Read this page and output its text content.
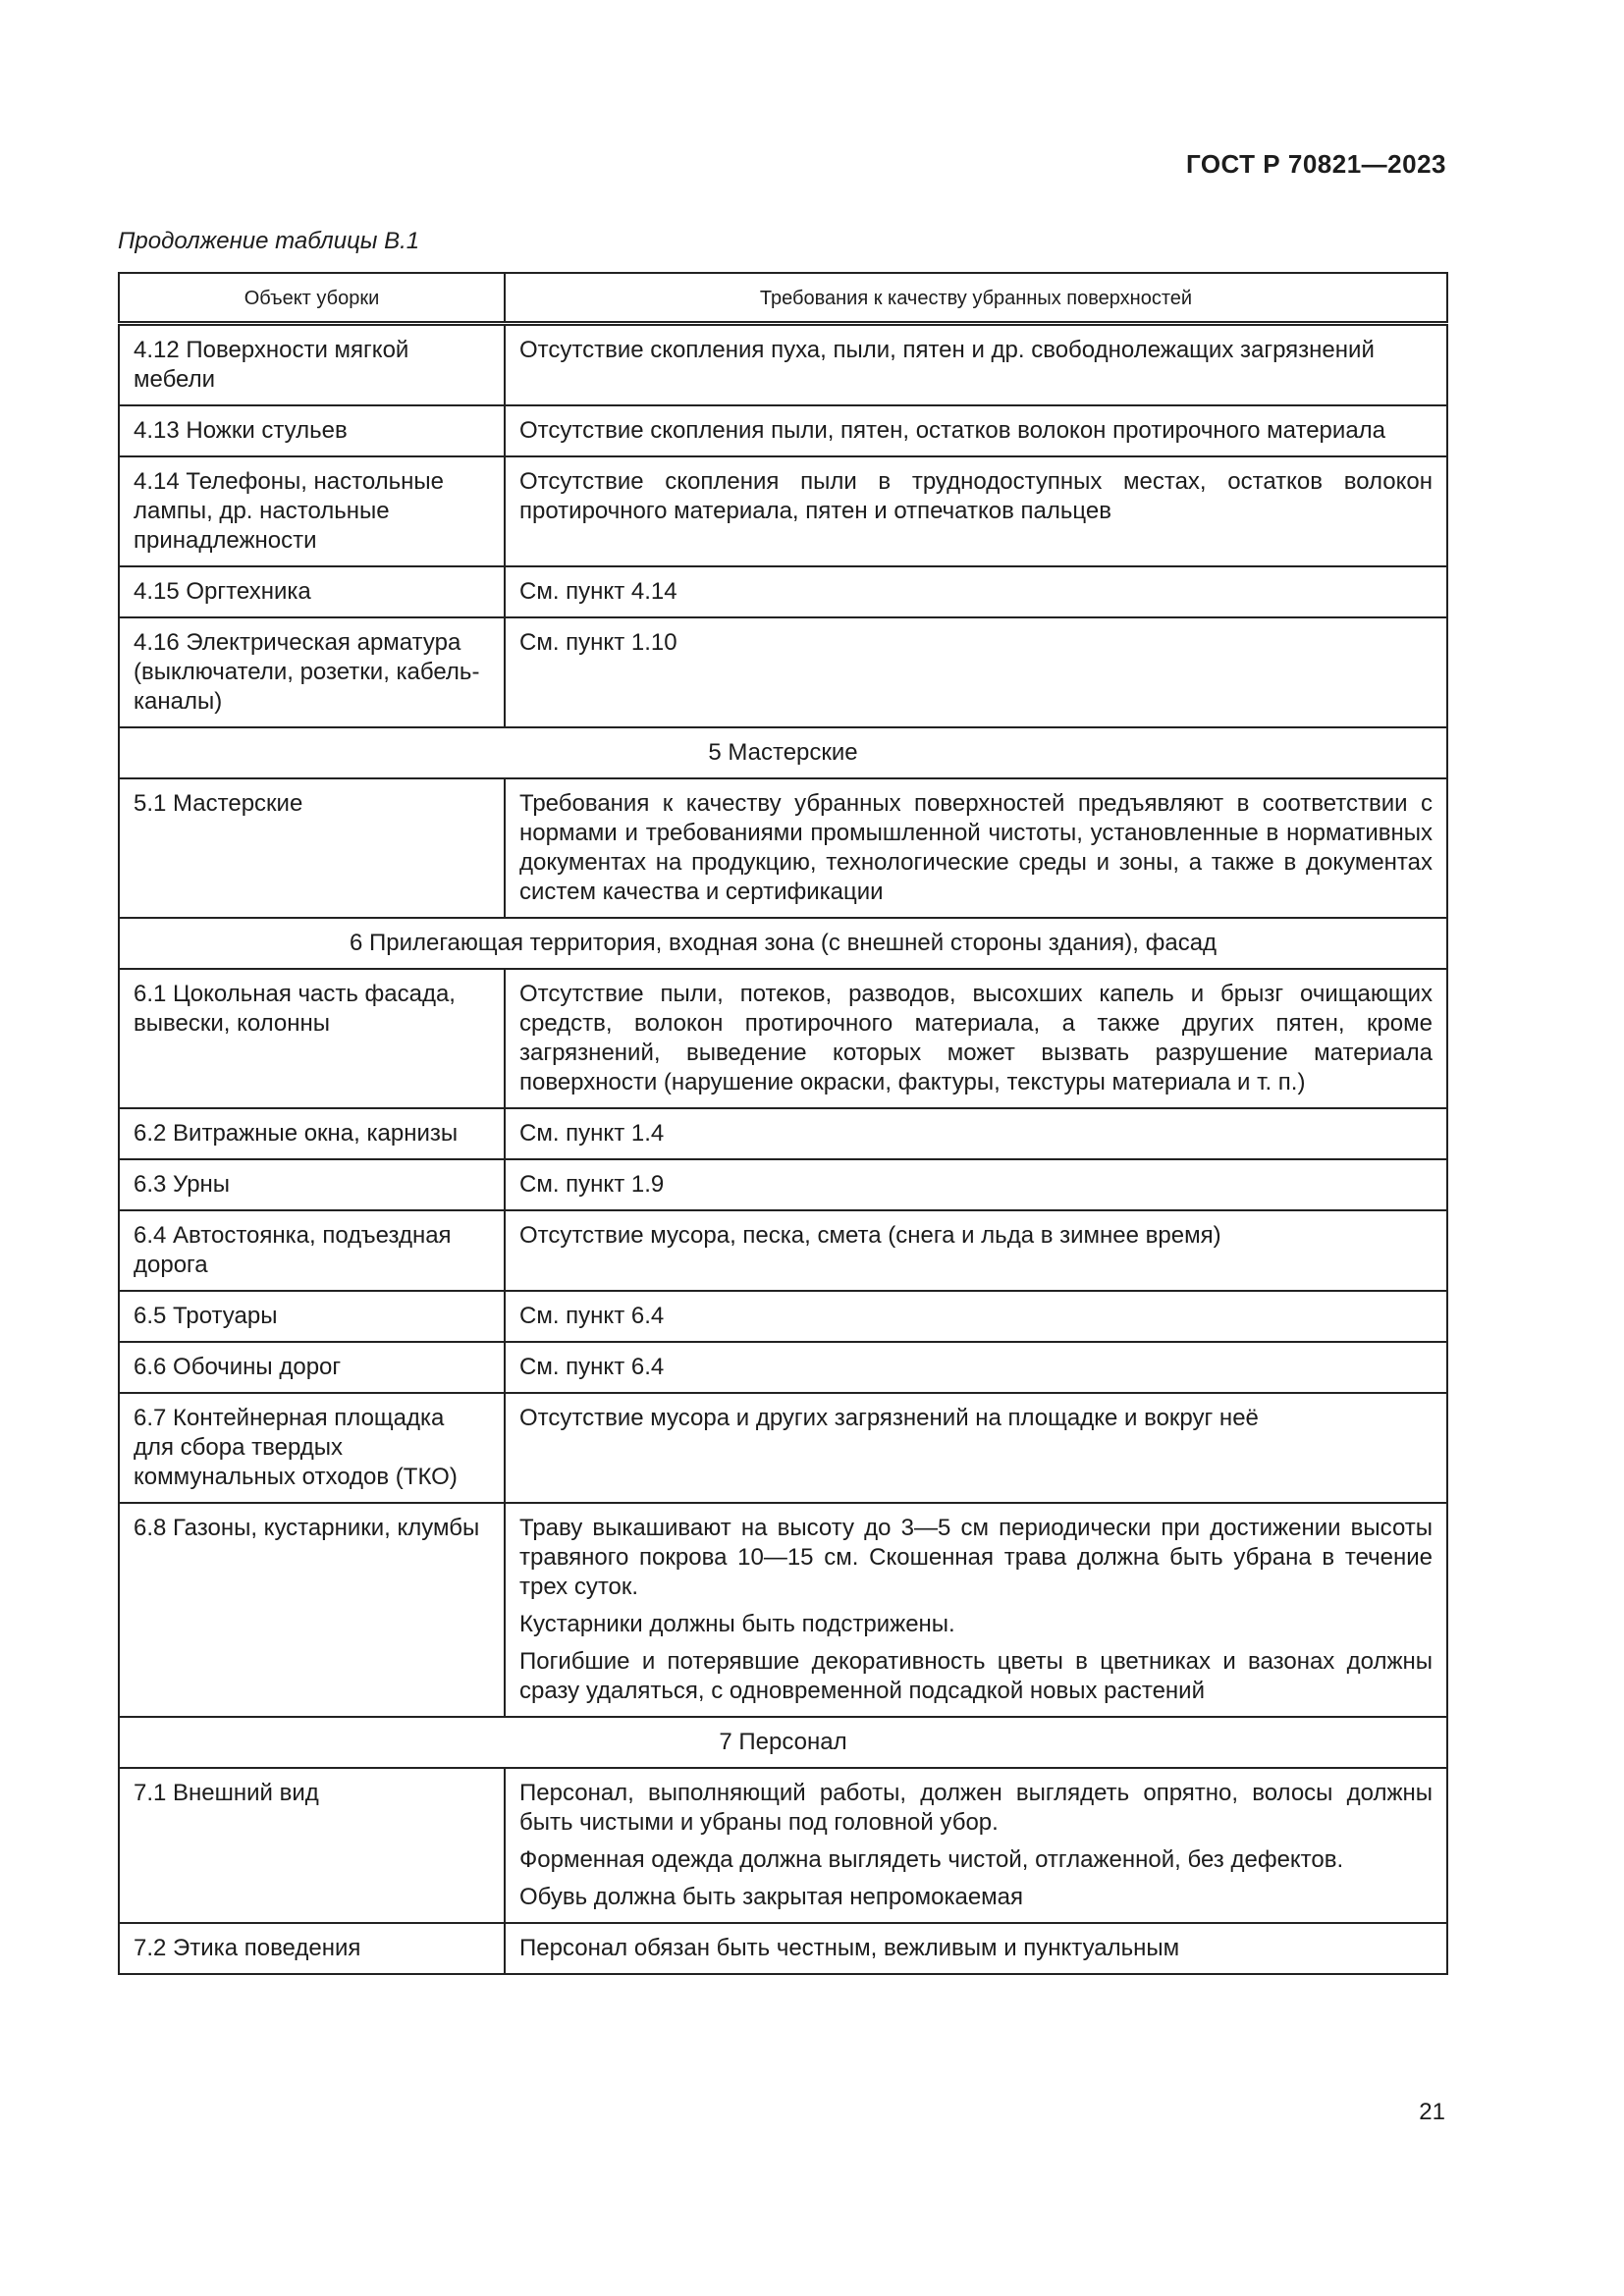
ГОСТ Р 70821—2023
Продолжение таблицы В.1
Объект уборки	Требования к качеству убранных поверхностей
4.12 Поверхности мягкой мебели	Отсутствие скопления пуха, пыли, пятен и др. свободнолежащих загрязнений

4.13 Ножки стульев	Отсутствие скопления пыли, пятен, остатков волокон протирочного материала

4.14 Телефоны, настольные лампы, др. настольные принадлежности	Отсутствие скопления пыли в труднодоступных местах, остатков волокон протирочного материала, пятен и отпечатков пальцев

4.15 Оргтехника	См. пункт 4.14

4.16 Электрическая арматура (выключатели, розетки, кабель-каналы)	См. пункт 1.10

5 Мастерские	
5.1 Мастерские	Требования к качеству убранных поверхностей предъявляют в соответствии с нормами и требованиями промышленной чистоты, установленные в нормативных документах на продукцию, технологические среды и зоны, а также в документах систем качества и сертификации

6 Прилегающая территория, входная зона (с внешней стороны здания), фасад	
6.1 Цокольная часть фасада, вывески, колонны	Отсутствие пыли, потеков, разводов, высохших капель и брызг очищающих средств, волокон протирочного материала, а также других пятен, кроме загрязнений, выведение которых может вызвать разрушение материала поверхности (нарушение окраски, фактуры, текстуры материала и т. п.)

6.2 Витражные окна, карнизы	См. пункт 1.4

6.3 Урны	См. пункт 1.9

6.4 Автостоянка, подъездная дорога	Отсутствие мусора, песка, смета (снега и льда в зимнее время)

6.5 Тротуары	См. пункт 6.4

6.6 Обочины дорог	См. пункт 6.4

6.7 Контейнерная площадка для сбора твердых коммунальных отходов (ТКО)	Отсутствие мусора и других загрязнений на площадке и вокруг неё

6.8 Газоны, кустарники, клумбы	Траву выкашивают на высоту до 3—5 см периодически при достижении высоты травяного покрова 10—15 см. Скошенная трава должна быть убрана в течение трех суток.

Кустарники должны быть подстрижены.

Погибшие и потерявшие декоративность цветы в цветниках и вазонах должны сразу удаляться, с одновременной подсадкой новых растений

7 Персонал	
7.1 Внешний вид	Персонал, выполняющий работы, должен выглядеть опрятно, волосы должны быть чистыми и убраны под головной убор.

Форменная одежда должна выглядеть чистой, отглаженной, без дефектов.

Обувь должна быть закрытая непромокаемая

7.2 Этика поведения	Персонал обязан быть честным, вежливым и пунктуальным

21
